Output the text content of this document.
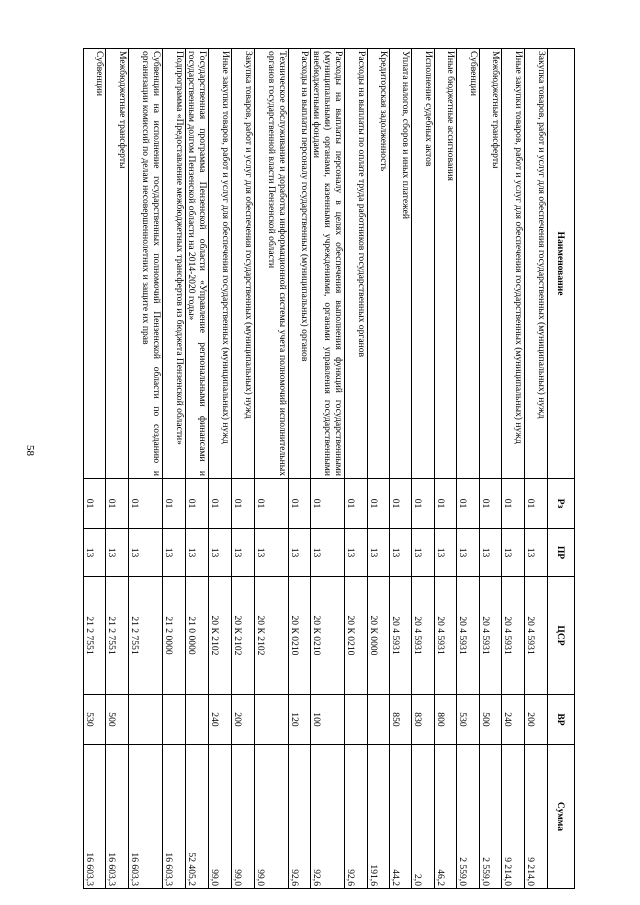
58
Наименование	Рз	ПР	ЦСР	ВР	Сумма
Закупка товаров, работ и услуг для обеспечения государственных (муниципальных) нужд	01	13	20 4 5931	200	9 214,0
Иные закупки товаров, работ и услуг для обеспечения государственных (муниципальных) нужд	01	13	20 4 5931	240	9 214,0
Межбюджетные трансферты	01	13	20 4 5931	500	2 559,0
Субвенции	01	13	20 4 5931	530	2 559,0
Иные бюджетные ассигнования	01	13	20 4 5931	800	46,2
Исполнение судебных актов	01	13	20 4 5931	830	2,0
Уплата налогов, сборов и иных платежей	01	13	20 4 5931	850	44,2
Кредиторская задолженность	01	13	20 К 0000		191,6
Расходы на выплаты по оплате труда работников государственных органов	01	13	20 К 0210		92,6
Расходы на выплаты персоналу в целях обеспечения выполнения функций государственными (муниципальными) органами, казенными учреждениями, органами управления государственными внебюджетными фондами	01	13	20 К 0210	100	92,6
Расходы на выплаты персоналу государственных (муниципальных) органов	01	13	20 К 0210	120	92,6
Техническое обслуживание и доработка информационной системы учета полномочий исполнительных органов государственной власти Пензенской области	01	13	20 К 2102		99,0
Закупка товаров, работ и услуг для обеспечения государственных (муниципальных) нужд	01	13	20 К 2102	200	99,0
Иные закупки товаров, работ и услуг для обеспечения государственных (муниципальных) нужд	01	13	20 К 2102	240	99,0
Государственная программа Пензенской области «Управление региональными финансами и государственным долгом Пензенской области на 2014-2020 годы»	01	13	21 0 0000		52 405,2
Подпрограмма «Предоставление межбюджетных трансфертов из бюджета Пензенской области»	01	13	21 2 0000		16 603,3
Субвенции на исполнение государственных полномочий Пензенской области по созданию и организации комиссий по делам несовершеннолетних и защите их прав	01	13	21 2 7551		16 603,3
Межбюджетные трансферты	01	13	21 2 7551	500	16 603,3
Субвенции	01	13	21 2 7551	530	16 603,3
